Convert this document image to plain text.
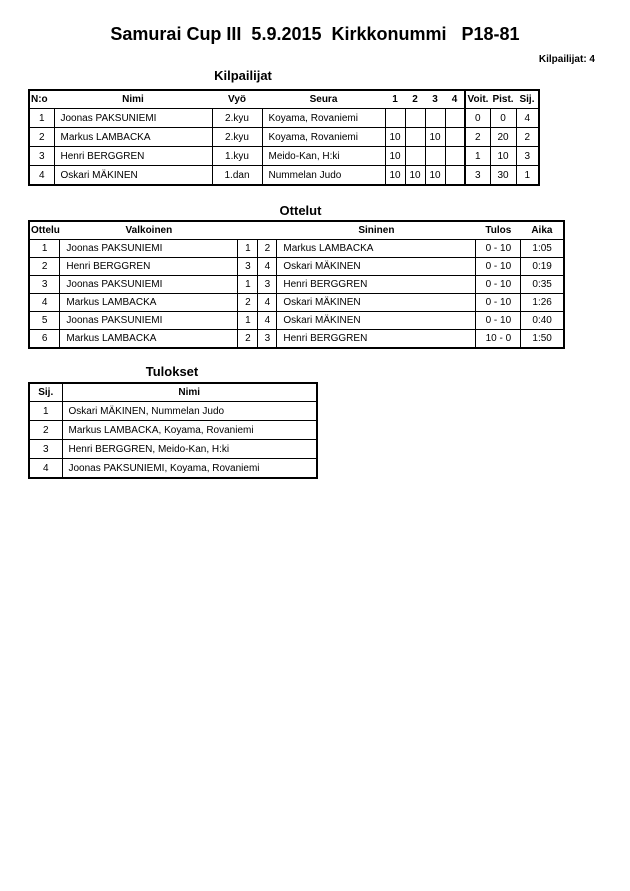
Samurai Cup III  5.9.2015  Kirkkonummi   P18-81
Kilpailijat: 4
Kilpailijat
N:o	Nimi	Vyö	Seura	1	2	3	4	Voit.	Pist.	Sij.
1	Joonas PAKSUNIEMI	2.kyu	Koyama, Rovaniemi					0	0	4
2	Markus LAMBACKA	2.kyu	Koyama, Rovaniemi	10		10		2	20	2
3	Henri BERGGREN	1.kyu	Meido-Kan, H:ki	10				1	10	3
4	Oskari MÄKINEN	1.dan	Nummelan Judo	10	10	10		3	30	1
Ottelut
Ottelu	Valkoinen			Sininen	Tulos	Aika
1	Joonas PAKSUNIEMI	1	2	Markus LAMBACKA	0 - 10	1:05
2	Henri BERGGREN	3	4	Oskari MÄKINEN	0 - 10	0:19
3	Joonas PAKSUNIEMI	1	3	Henri BERGGREN	0 - 10	0:35
4	Markus LAMBACKA	2	4	Oskari MÄKINEN	0 - 10	1:26
5	Joonas PAKSUNIEMI	1	4	Oskari MÄKINEN	0 - 10	0:40
6	Markus LAMBACKA	2	3	Henri BERGGREN	10 - 0	1:50
Tulokset
Sij.	Nimi
1	Oskari MÄKINEN, Nummelan Judo
2	Markus LAMBACKA, Koyama, Rovaniemi
3	Henri BERGGREN, Meido-Kan, H:ki
4	Joonas PAKSUNIEMI, Koyama, Rovaniemi
